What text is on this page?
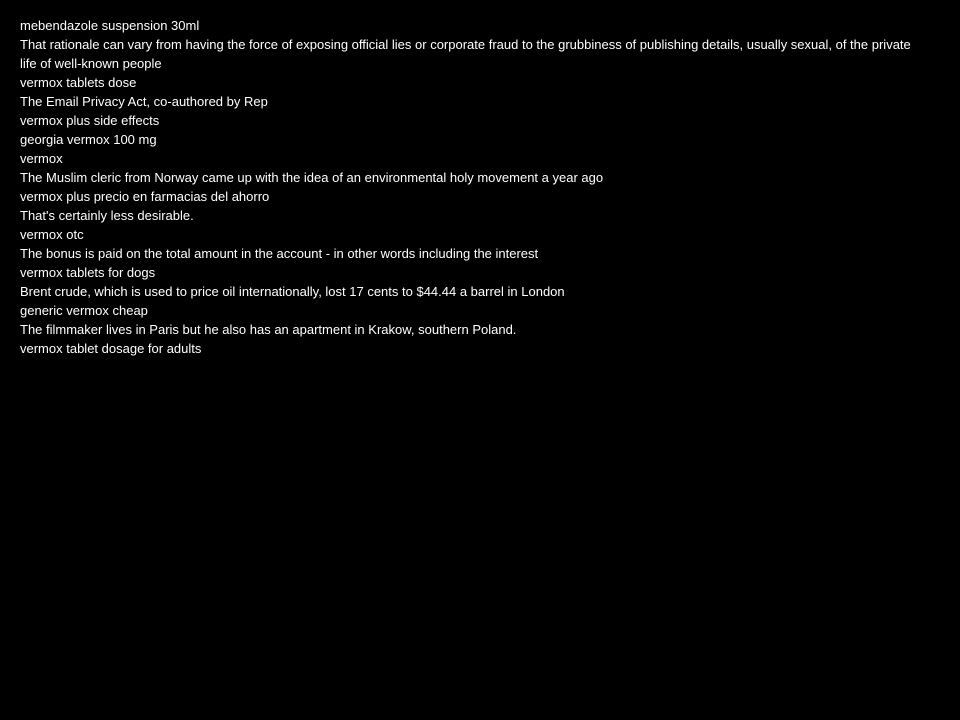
mebendazole suspension 30ml

That rationale can vary from having the force of exposing official lies or corporate fraud to the grubbiness of publishing details, usually sexual, of the private life of well-known people

vermox tablets dose

The Email Privacy Act, co-authored by Rep

vermox plus side effects

georgia vermox 100 mg

vermox

The Muslim cleric from Norway came up with the idea of an environmental holy movement a year ago

vermox plus precio en farmacias del ahorro

That's certainly less desirable.

vermox otc

The bonus is paid on the total amount in the account - in other words including the interest

vermox tablets for dogs

Brent crude, which is used to price oil internationally, lost 17 cents to $44.44 a barrel in London

generic vermox cheap

The filmmaker lives in Paris but he also has an apartment in Krakow, southern Poland.

vermox tablet dosage for adults
